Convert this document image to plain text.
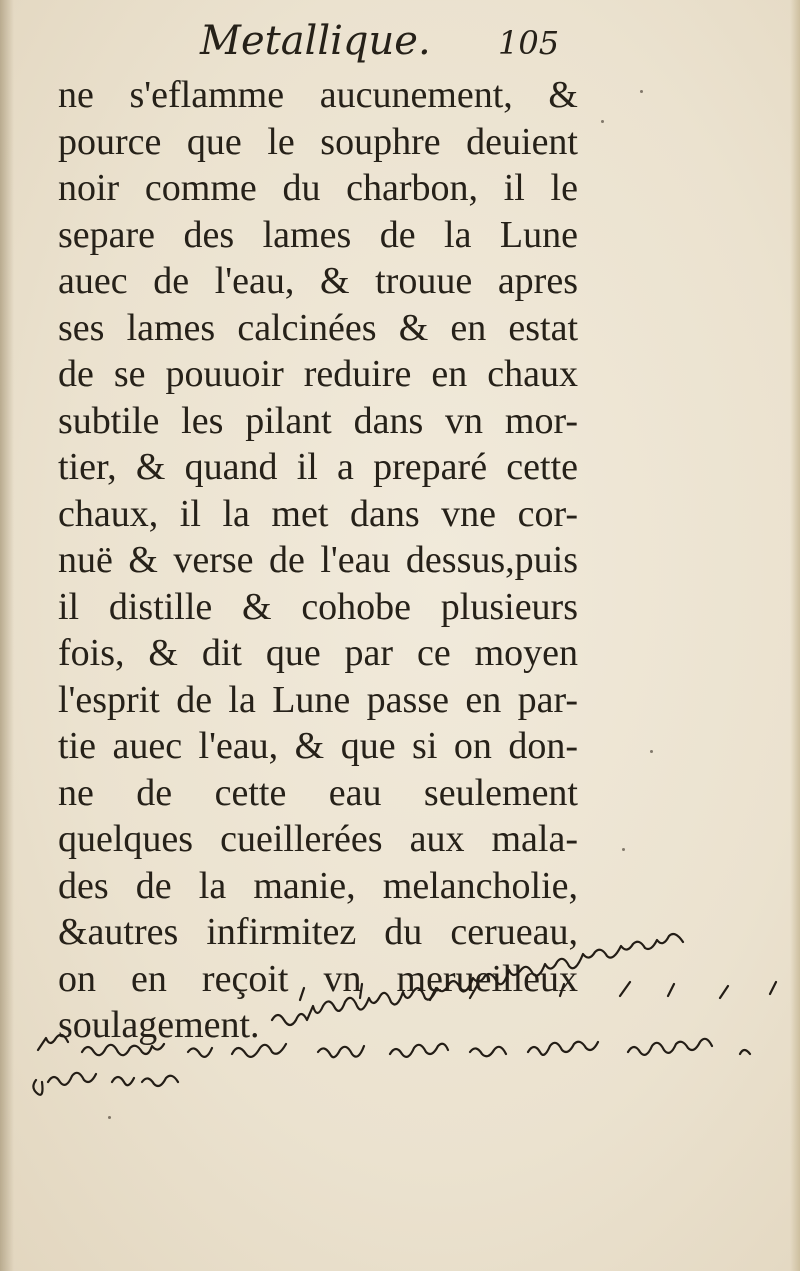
Metallique. 105
ne s'eflamme aucunement, &
pource que le souphre deuient
noir comme du charbon, il le
separe des lames de la Lune
auec de l'eau, & trouue apres
ses lames calcinées & en estat
de se pouuoir reduire en chaux
subtile les pilant dans vn mor-
tier, & quand il a preparé cette
chaux, il la met dans vne cor-
nuë & verse de l'eau dessus,puis
il distille & cohobe plusieurs
fois, & dit que par ce moyen
l'esprit de la Lune passe en par-
tie auec l'eau, & que si on don-
ne de cette eau seulement
quelques cueillerées aux mala-
des de la manie, melancholie,
&autres infirmitez du cerueau,
on en reçoit vn merueilleux
soulagement.
